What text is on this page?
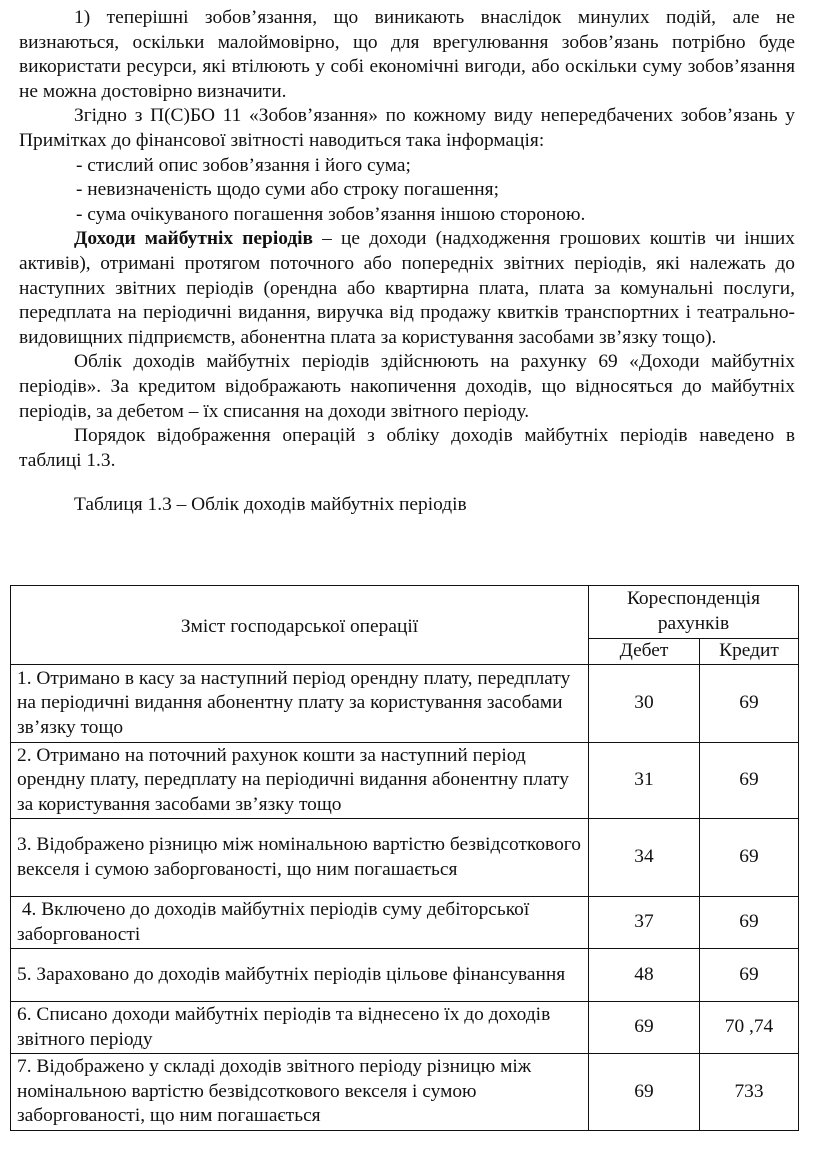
1) теперішні зобов’язання, що виникають внаслідок минулих подій, але не визнаються, оскільки малоймовірно, що для врегулювання зобов’язань потрібно буде використати ресурси, які втілюють у собі економічні вигоди, або оскільки суму зобов’язання не можна достовірно визначити.

Згідно з П(С)БО 11 «Зобов’язання» по кожному виду непередбачених зобов’язань у Примітках до фінансової звітності наводиться така інформація:

- стислий опис зобов’язання і його сума;

- невизначеність щодо суми або строку погашення;

- сума очікуваного погашення зобов’язання іншою стороною.

Доходи майбутніх періодів – це доходи (надходження грошових коштів чи інших активів), отримані протягом поточного або попередніх звітних періодів, які належать до наступних звітних періодів (орендна або квартирна плата, плата за комунальні послуги, передплата на періодичні видання, виручка від продажу квитків транспортних і театрально-видовищних підприємств, абонентна плата за користування засобами зв’язку тощо).

Облік доходів майбутніх періодів здійснюють на рахунку 69 «Доходи майбутніх періодів». За кредитом відображають накопичення доходів, що відносяться до майбутніх періодів, за дебетом – їх списання на доходи звітного періоду.

Порядок відображення операцій з обліку доходів майбутніх періодів наведено в таблиці 1.3.

Таблиця 1.3 – Облік доходів майбутніх періодів

Зміст господарської операції	Кореспонденція рахунків	
	Дебет	Кредит
1. Отримано в касу за наступний період орендну плату, передплату на періодичні видання абонентну плату за користування засобами зв’язку тощо	30	69
2. Отримано на поточний рахунок кошти за наступний період орендну плату, передплату на періодичні видання абонентну плату за користування засобами зв’язку тощо	31	69
3. Відображено різницю між номінальною вартістю безвідсоткового векселя і сумою заборгованості, що ним погашається	34	69
4. Включено до доходів майбутніх періодів суму дебіторської заборгованості	37	69
5. Зараховано до доходів майбутніх періодів цільове фінансування	48	69
6. Списано доходи майбутніх періодів та віднесено їх до доходів звітного періоду	69	70 ,74
7. Відображено у складі доходів звітного періоду різницю між номінальною вартістю безвідсоткового векселя і сумою заборгованості, що ним погашається	69	733
